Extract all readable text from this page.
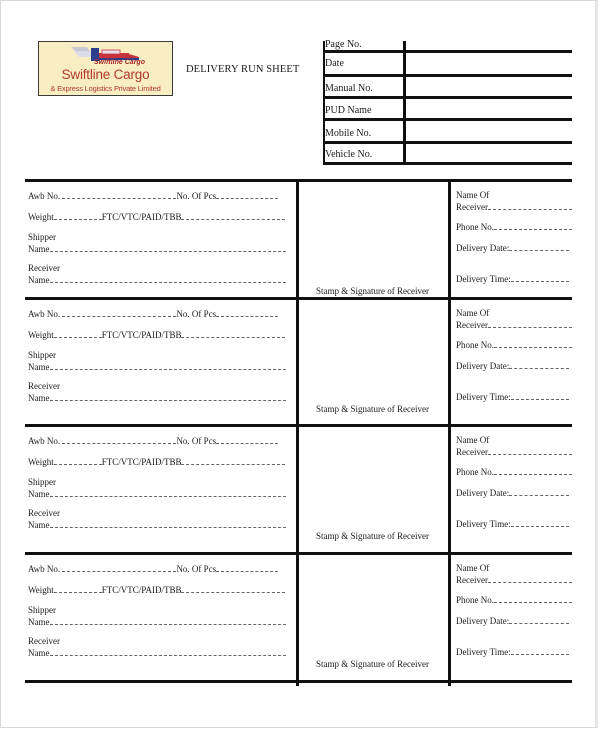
Swiftline Cargo
Swiftline Cargo
& Express Logistics Private Limited
DELIVERY RUN SHEET
Page No.
Date
Manual No.
PUD Name
Mobile No.
Vehicle No.
Awb No.	No. Of Pcs
Weight	FTC/VTC/PAID/TBB
Shipper
Name
Receiver
Name
Stamp & Signature of Receiver
Name Of
Receiver
Phone No.
Delivery Date:
Delivery Time:
Awb No.	No. Of Pcs
Weight	FTC/VTC/PAID/TBB
Shipper
Name
Receiver
Name
Stamp & Signature of Receiver
Name Of
Receiver
Phone No.
Delivery Date:
Delivery Time:
Awb No.	No. Of Pcs
Weight	FTC/VTC/PAID/TBB
Shipper
Name
Receiver
Name
Stamp & Signature of Receiver
Name Of
Receiver
Phone No.
Delivery Date:
Delivery Time:
Awb No.	No. Of Pcs
Weight	FTC/VTC/PAID/TBB
Shipper
Name
Receiver
Name
Stamp & Signature of Receiver
Name Of
Receiver
Phone No.
Delivery Date:
Delivery Time:
